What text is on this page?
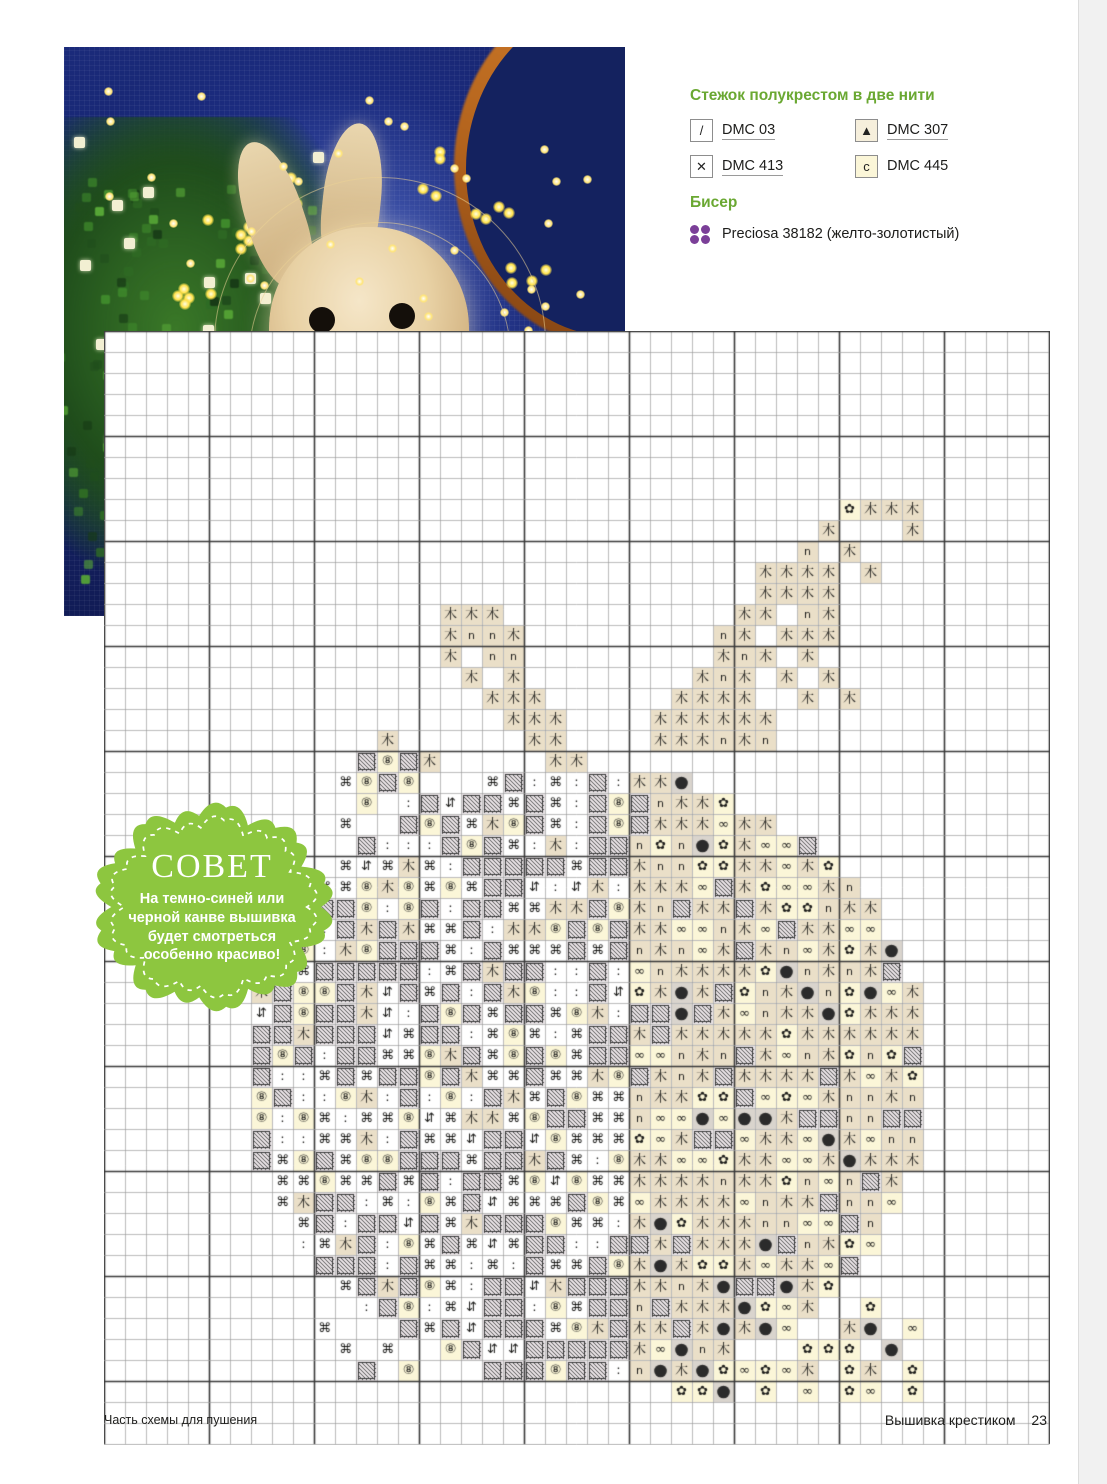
Стежок полукрестом в две нити
/	DMC 03	▲ DMC 307
✕	DMC 413	c	DMC 445
Бисер
Preciosa 38182 (желто-золотистый)
СОВЕТ
На темно-синей или черной канве вышивка будет смотреться особенно красиво!
Часть схемы для пушения	Вышивка крестиком 23
